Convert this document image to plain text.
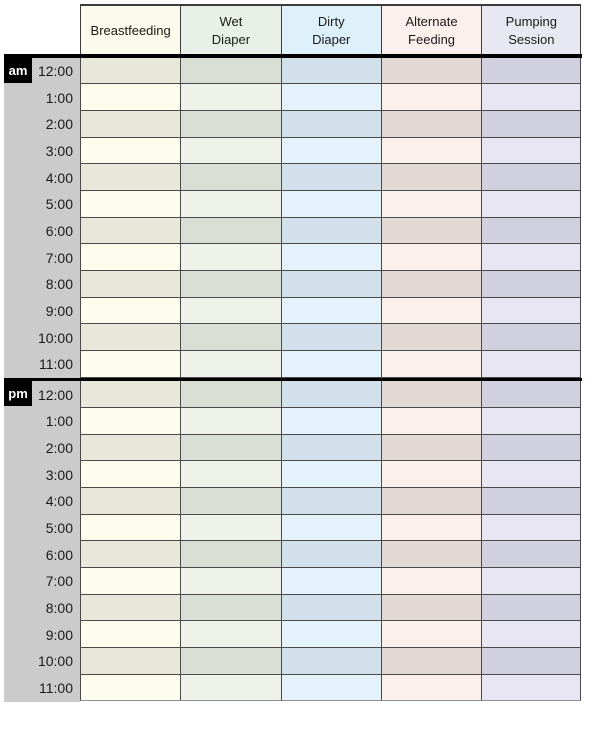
Breastfeeding
Wet
Diaper
Dirty
Diaper
Alternate
Feeding
Pumping
Session
12:00
1:00
2:00
3:00
4:00
5:00
6:00
7:00
8:00
9:00
10:00
11:00
12:00
1:00
2:00
3:00
4:00
5:00
6:00
7:00
8:00
9:00
10:00
11:00
am
pm
